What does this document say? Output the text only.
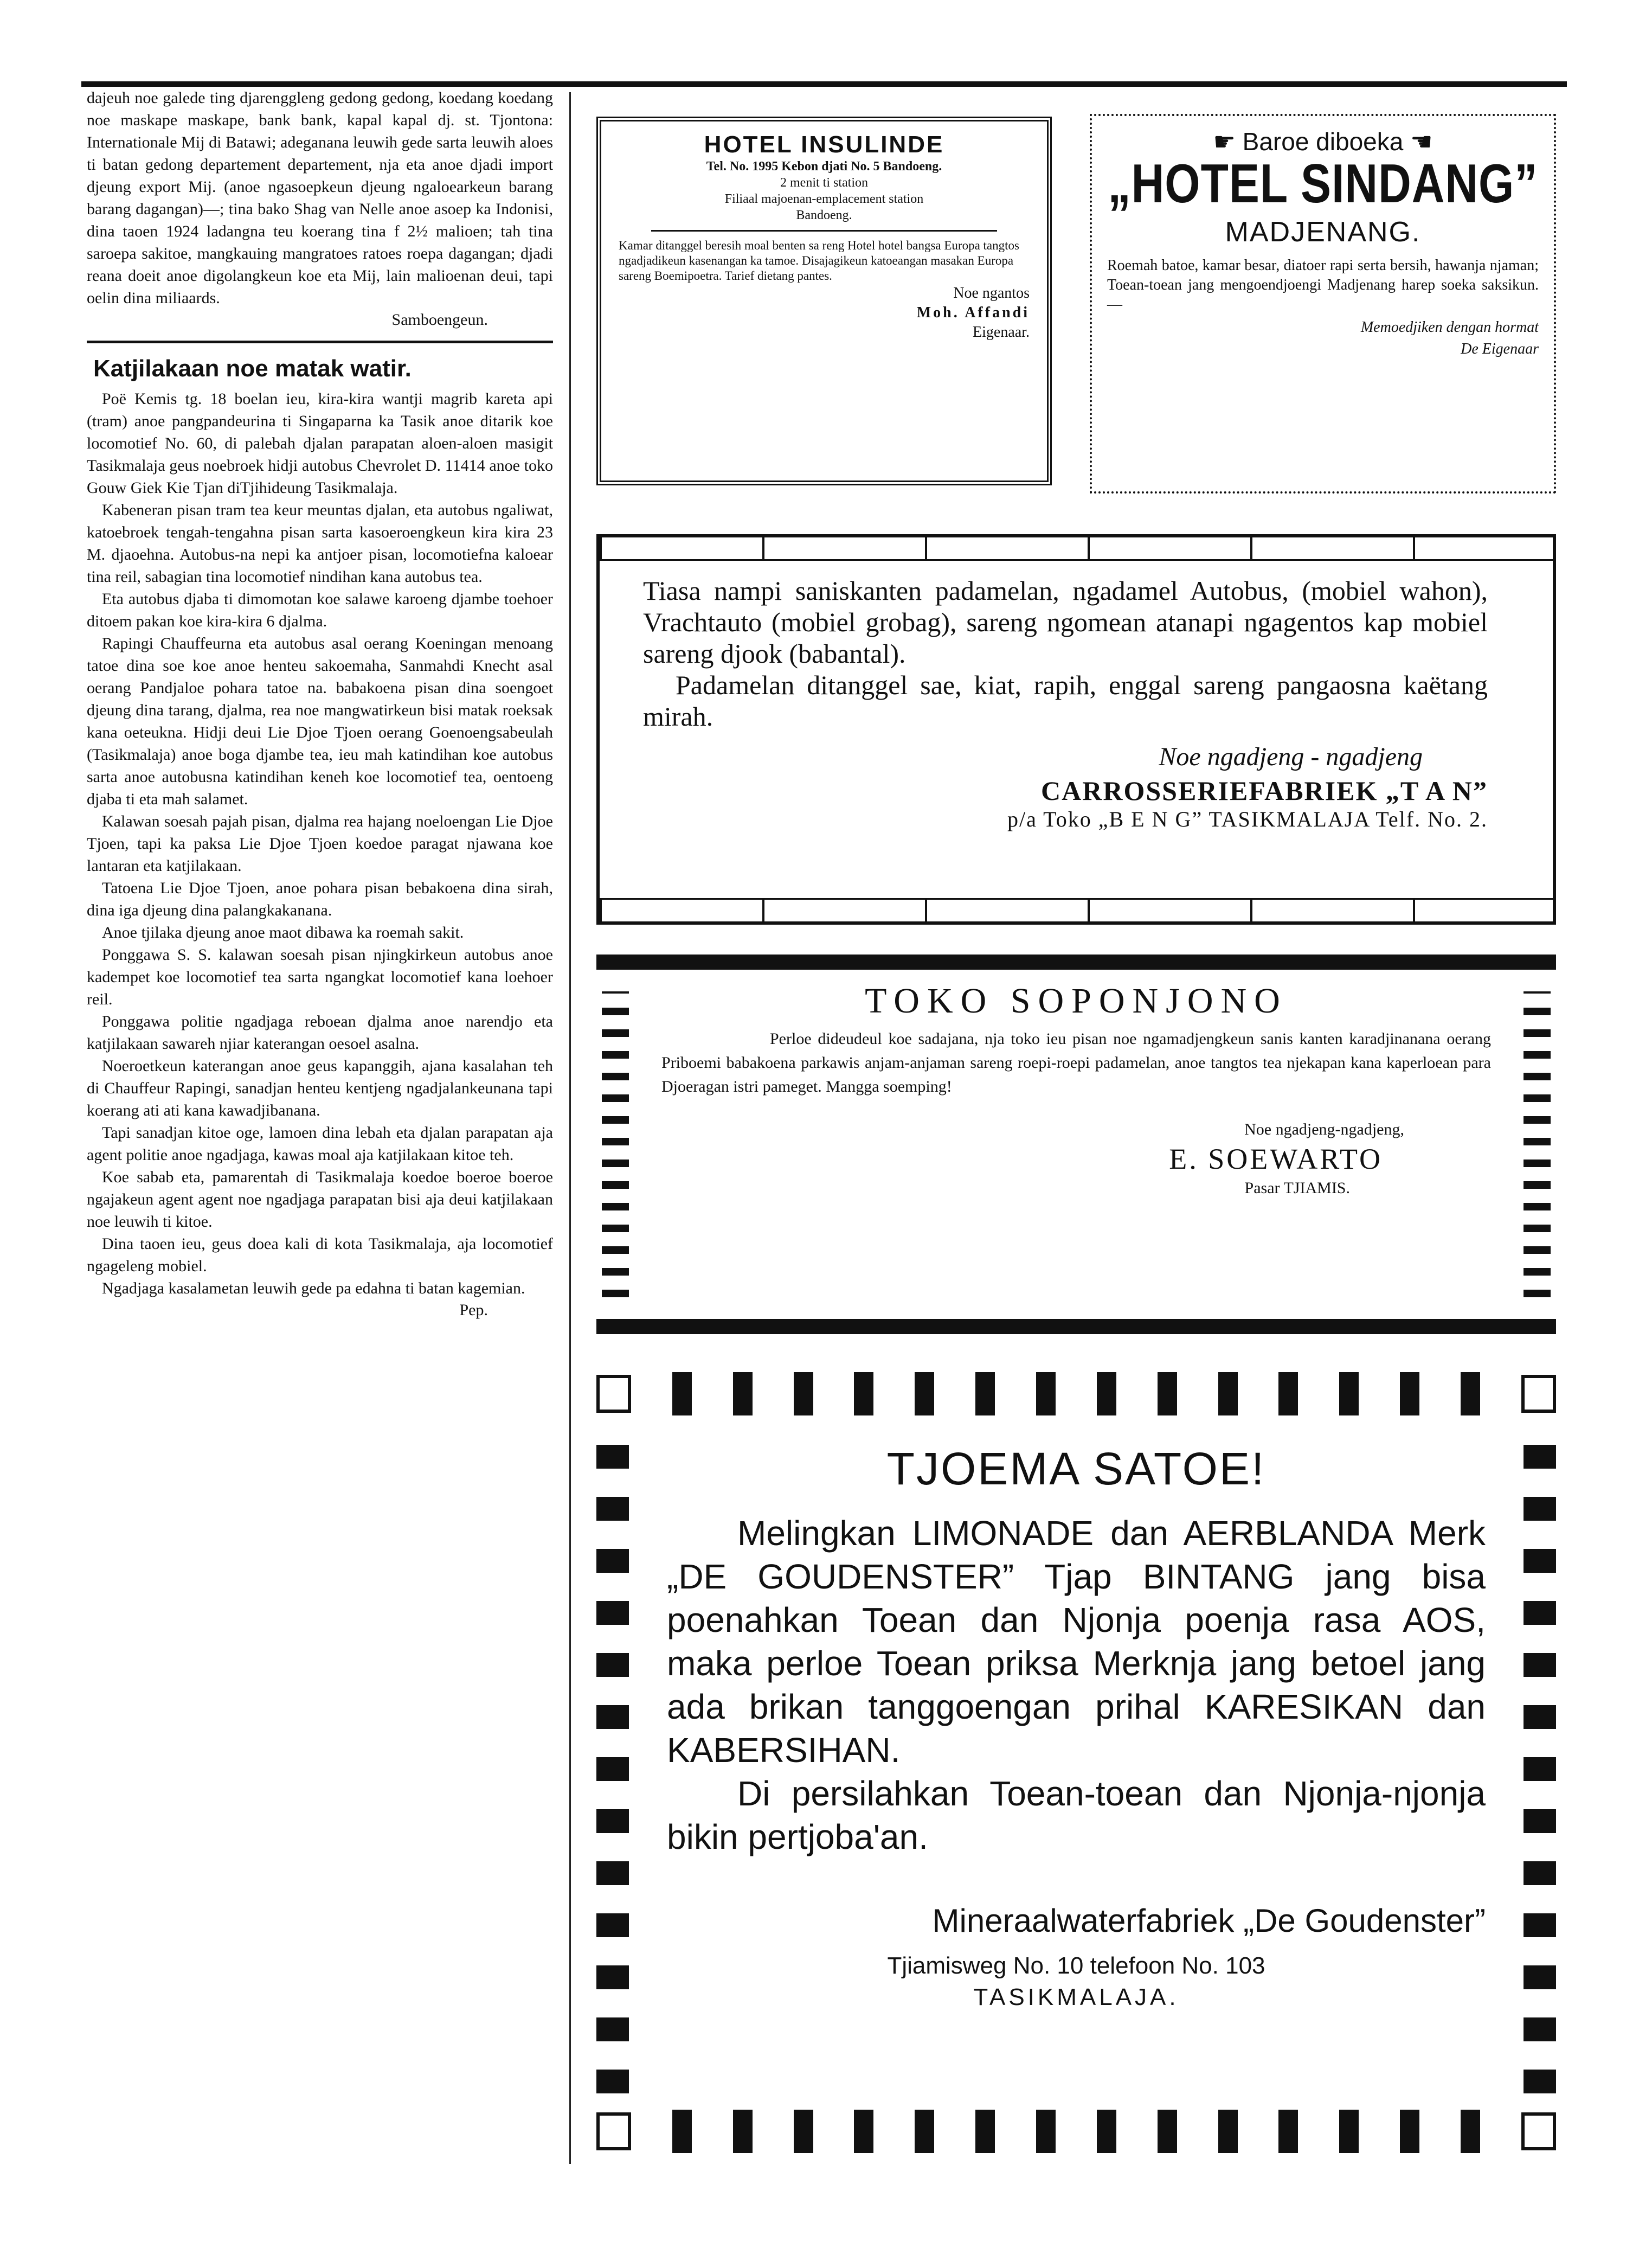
dajeuh noe galede ting djarenggleng gedong gedong, koedang koedang noe maskape maskape, bank bank, kapal kapal dj. st. Tjontona: Internationale Mij di Batawi; adeganana leuwih gede sarta leuwih aloes ti batan gedong departement departement, nja eta anoe djadi import djeung export Mij. (anoe ngasoepkeun djeung ngaloearkeun barang barang dagangan)—; tina bako Shag van Nelle anoe asoep ka Indonisi, dina taoen 1924 ladangna teu koerang tina f 2½ malioen; tah tina saroepa sakitoe, mangkauing mangratoes ratoes roepa dagangan; djadi reana doeit anoe digolangkeun koe eta Mij, lain malioenan deui, tapi oelin dina miliaards.

Samboengeun.

Katjilakaan noe matak watir.

Poë Kemis tg. 18 boelan ieu, kira-kira wantji magrib kareta api (tram) anoe pangpandeurina ti Singaparna ka Tasik anoe ditarik koe locomotief No. 60, di palebah djalan parapatan aloen-aloen masigit Tasikmalaja geus noebroek hidji autobus Chevrolet D. 11414 anoe toko Gouw Giek Kie Tjan diTjihideung Tasikmalaja.

Kabeneran pisan tram tea keur meuntas djalan, eta autobus ngaliwat, katoebroek tengah-tengahna pisan sarta kasoeroengkeun kira kira 23 M. djaoehna. Autobus-na nepi ka antjoer pisan, locomotiefna kaloear tina reil, sabagian tina locomotief nindihan kana autobus tea.

Eta autobus djaba ti dimomotan koe salawe karoeng djambe toehoer ditoem pakan koe kira-kira 6 djalma.

Rapingi Chauffeurna eta autobus asal oerang Koeningan menoang tatoe dina soe koe anoe henteu sakoemaha, Sanmahdi Knecht asal oerang Pandjaloe pohara tatoe na. babakoena pisan dina soengoet djeung dina tarang, djalma, rea noe mangwatirkeun bisi matak roeksak kana oeteukna. Hidji deui Lie Djoe Tjoen oerang Goenoengsabeulah (Tasikmalaja) anoe boga djambe tea, ieu mah katindihan koe autobus sarta anoe autobusna katindihan keneh koe locomotief tea, oentoeng djaba ti eta mah salamet.

Kalawan soesah pajah pisan, djalma rea hajang noeloengan Lie Djoe Tjoen, tapi ka paksa Lie Djoe Tjoen koedoe paragat njawana koe lantaran eta katjilakaan.

Tatoena Lie Djoe Tjoen, anoe pohara pisan bebakoena dina sirah, dina iga djeung dina palangkakanana.

Anoe tjilaka djeung anoe maot dibawa ka roemah sakit.

Ponggawa S. S. kalawan soesah pisan njingkirkeun autobus anoe kadempet koe locomotief tea sarta ngangkat locomotief kana loehoer reil.

Ponggawa politie ngadjaga reboean djalma anoe narendjo eta katjilakaan sawareh njiar katerangan oesoel asalna.

Noeroetkeun katerangan anoe geus kapanggih, ajana kasalahan teh di Chauffeur Rapingi, sanadjan henteu kentjeng ngadjalankeunana tapi koerang ati ati kana kawadjibanana.

Tapi sanadjan kitoe oge, lamoen dina lebah eta djalan parapatan aja agent politie anoe ngadjaga, kawas moal aja katjilakaan kitoe teh.

Koe sabab eta, pamarentah di Tasikmalaja koedoe boeroe boeroe ngajakeun agent agent noe ngadjaga parapatan bisi aja deui katjilakaan noe leuwih ti kitoe.

Dina taoen ieu, geus doea kali di kota Tasikmalaja, aja locomotief ngageleng mobiel.

Ngadjaga kasalametan leuwih gede pa edahna ti batan kagemian.

Pep.

HOTEL INSULINDE

Tel. No. 1995 Kebon djati No. 5 Bandoeng.

2 menit ti station

Filiaal majoenan-emplacement station

Bandoeng.

Kamar ditanggel beresih moal benten sa reng Hotel hotel bangsa Europa tangtos ngadjadikeun kasenangan ka tamoe. Disajagikeun katoeangan masakan Europa sareng Boemipoetra. Tarief dietang pantes.

Noe ngantos

Moh. Affandi

Eigenaar.

☛ Baroe diboeka ☚
„HOTEL SINDANG”
MADJENANG.

Roemah batoe, kamar besar, diatoer rapi serta bersih, hawanja njaman; Toean-toean jang mengoendjoengi Madjenang harep soeka saksikun.—

Memoedjiken dengan hormat

De Eigenaar

Tiasa nampi saniskanten padamelan, ngadamel Autobus, (mobiel wahon), Vrachtauto (mobiel grobag), sareng ngomean atanapi ngagentos kap mobiel sareng djook (babantal).

Padamelan ditanggel sae, kiat, rapih, enggal sareng pangaosna kaëtang mirah.

Noe ngadjeng - ngadjeng

CARROSSERIEFABRIEK „T A N”

p/a Toko „B E N G” TASIKMALAJA Telf. No. 2.

TOKO SOPONJONO

Perloe dideudeul koe sadajana, nja toko ieu pisan noe ngamadjengkeun sanis kanten karadjinanana oerang Priboemi babakoena parkawis anjam-anjaman sareng roepi-roepi padamelan, anoe tangtos tea njekapan kana kaperloean para Djoeragan istri pameget. Mangga soemping!

Noe ngadjeng-ngadjeng,

E. SOEWARTO

Pasar TJIAMIS.

TJOEMA SATOE!

Melingkan LIMONADE dan AERBLANDA Merk „DE GOUDENSTER” Tjap BINTANG jang bisa poenahkan Toean dan Njonja poenja rasa AOS, maka perloe Toean priksa Merknja jang betoel jang ada brikan tanggoengan prihal KARESIKAN dan KABERSIHAN.

Di persilahkan Toean-toean dan Njonja-njonja bikin pertjoba'an.

Mineraalwaterfabriek „De Goudenster”

Tjiamisweg No. 10 telefoon No. 103

TASIKMALAJA.
